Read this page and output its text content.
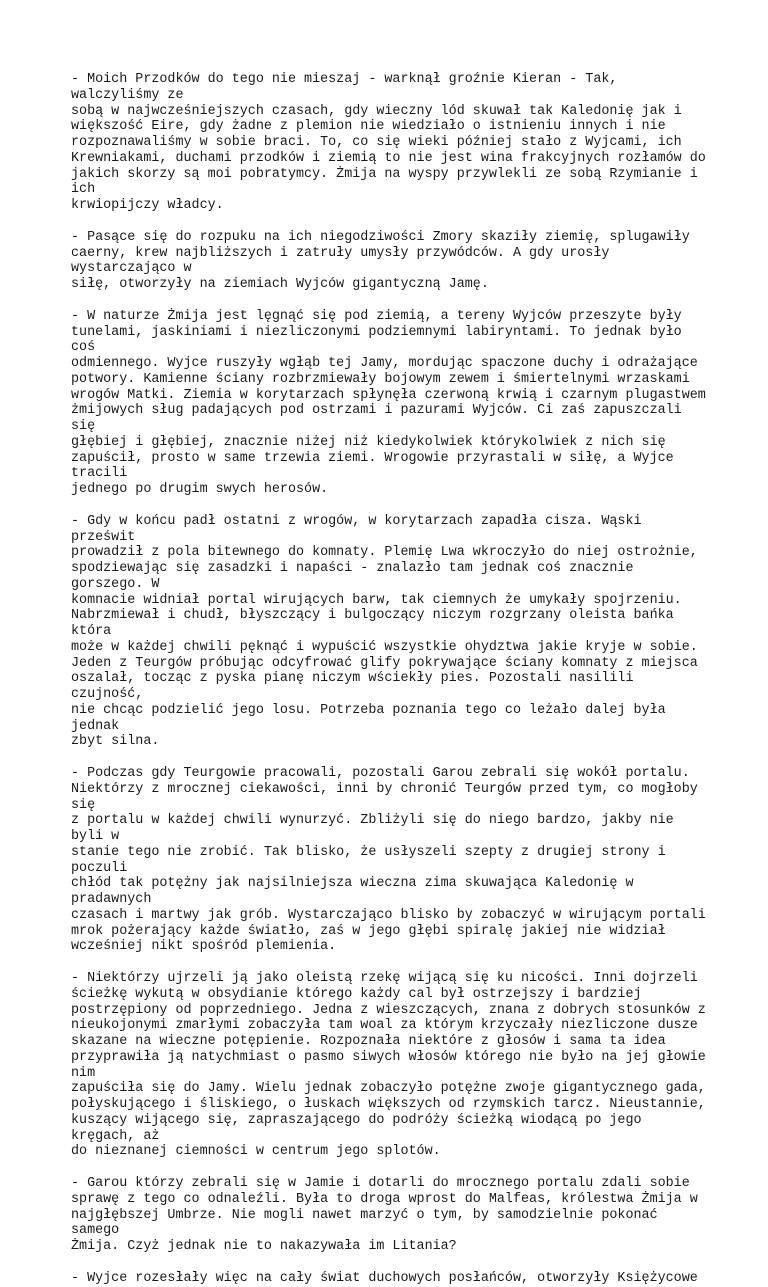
- Moich Przodków do tego nie mieszaj - warknął groźnie Kieran - Tak, walczyliśmy ze
sobą w najwcześniejszych czasach, gdy wieczny lód skuwał tak Kaledonię jak i
większość Eire, gdy żadne z plemion nie wiedziało o istnieniu innych i nie
rozpoznawaliśmy w sobie braci. To, co się wieki później stało z Wyjcami, ich
Krewniakami, duchami przodków i ziemią to nie jest wina frakcyjnych rozłamów do
jakich skorzy są moi pobratymcy. Żmija na wyspy przywlekli ze sobą Rzymianie i ich
krwiopijczy władcy.

- Pasące się do rozpuku na ich niegodziwości Zmory skaziły ziemię, splugawiły
caerny, krew najbliższych i zatruły umysły przywódców. A gdy urosły wystarczająco w
siłę, otworzyły na ziemiach Wyjców gigantyczną Jamę.

- W naturze Żmija jest lęgnąć się pod ziemią, a tereny Wyjców przeszyte były
tunelami, jaskiniami i niezliczonymi podziemnymi labiryntami. To jednak było coś
odmiennego. Wyjce ruszyły wgłąb tej Jamy, mordując spaczone duchy i odrażające
potwory. Kamienne ściany rozbrzmiewały bojowym zewem i śmiertelnymi wrzaskami
wrogów Matki. Ziemia w korytarzach spłynęła czerwoną krwią i czarnym plugastwem
żmijowych sług padających pod ostrzami i pazurami Wyjców. Ci zaś zapuszczali się
głębiej i głębiej, znacznie niżej niż kiedykolwiek którykolwiek z nich się
zapuścił, prosto w same trzewia ziemi. Wrogowie przyrastali w siłę, a Wyjce tracili
jednego po drugim swych herosów.

- Gdy w końcu padł ostatni z wrogów, w korytarzach zapadła cisza. Wąski prześwit
prowadził z pola bitewnego do komnaty. Plemię Lwa wkroczyło do niej ostrożnie,
spodziewając się zasadzki i napaści - znalazło tam jednak coś znacznie gorszego. W
komnacie widniał portal wirujących barw, tak ciemnych że umykały spojrzeniu.
Nabrzmiewał i chudł, błyszczący i bulgoczący niczym rozgrzany oleista bańka która
może w każdej chwili pęknąć i wypuścić wszystkie ohydztwa jakie kryje w sobie.
Jeden z Teurgów próbując odcyfrować glify pokrywające ściany komnaty z miejsca
oszalał, tocząc z pyska pianę niczym wściekły pies. Pozostali nasilili czujność,
nie chcąc podzielić jego losu. Potrzeba poznania tego co leżało dalej była jednak
zbyt silna.

- Podczas gdy Teurgowie pracowali, pozostali Garou zebrali się wokół portalu.
Niektórzy z mrocznej ciekawości, inni by chronić Teurgów przed tym, co mogłoby się
z portalu w każdej chwili wynurzyć. Zbliżyli się do niego bardzo, jakby nie byli w
stanie tego nie zrobić. Tak blisko, że usłyszeli szepty z drugiej strony i poczuli
chłód tak potężny jak najsilniejsza wieczna zima skuwająca Kaledonię w pradawnych
czasach i martwy jak grób. Wystarczająco blisko by zobaczyć w wirującym portali
mrok pożerający każde światło, zaś w jego głębi spiralę jakiej nie widział
wcześniej nikt spośród plemienia.

- Niektórzy ujrzeli ją jako oleistą rzekę wijącą się ku nicości. Inni dojrzeli
ścieżkę wykutą w obsydianie którego każdy cal był ostrzejszy i bardziej
postrzępiony od poprzedniego. Jedna z wieszczących, znana z dobrych stosunków z
nieukojonymi zmarłymi zobaczyła tam woal za którym krzyczały niezliczone dusze
skazane na wieczne potępienie. Rozpoznała niektóre z głosów i sama ta idea
przyprawiła ją natychmiast o pasmo siwych włosów którego nie było na jej głowie nim
zapuściła się do Jamy. Wielu jednak zobaczyło potężne zwoje gigantycznego gada,
połyskującego i śliskiego, o łuskach większych od rzymskich tarcz. Nieustannie,
kuszący wijącego się, zapraszającego do podróży ścieżką wiodącą po jego kręgach, aż
do nieznanej ciemności w centrum jego splotów.

- Garou którzy zebrali się w Jamie i dotarli do mrocznego portalu zdali sobie
sprawę z tego co odnaleźli. Była to droga wprost do Malfeas, królestwa Żmija w
najgłębszej Umbrze. Nie mogli nawet marzyć o tym, by samodzielnie pokonać samego
Żmija. Czyż jednak nie to nakazywała im Litania?

- Wyjce rozesłały więc na cały świat duchowych posłańców, otworzyły Księżycowe
